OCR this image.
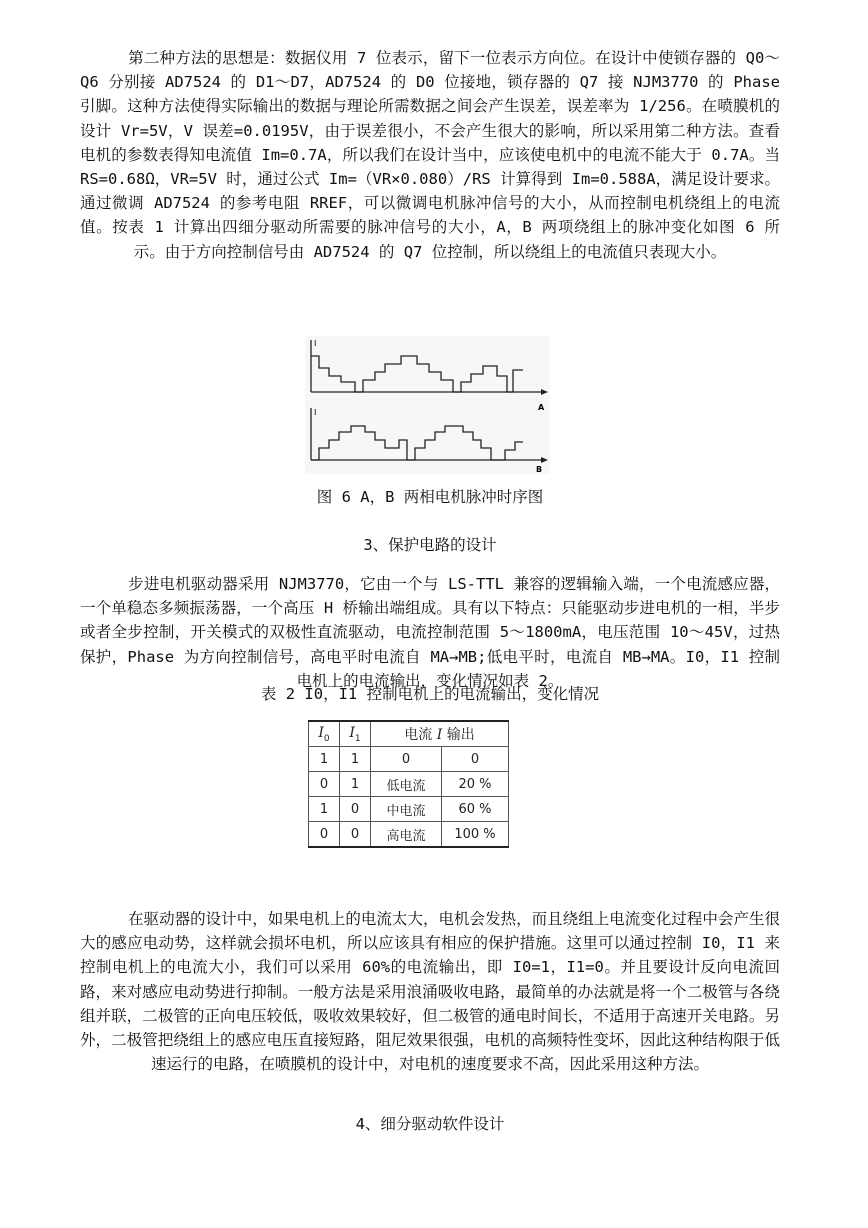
第二种方法的思想是：数据仪用 7 位表示，留下一位表示方向位。在设计中使锁存器的 Q0～Q6 分别接 AD7524 的 D1～D7，AD7524 的 D0 位接地，锁存器的 Q7 接 NJM3770 的 Phase 引脚。这种方法使得实际输出的数据与理论所需数据之间会产生误差，误差率为 1/256。在喷膜机的设计 Vr=5V，V 误差=0.0195V，由于误差很小，不会产生很大的影响，所以采用第二种方法。查看电机的参数表得知电流值 Im=0.7A，所以我们在设计当中，应该使电机中的电流不能大于 0.7A。当 RS=0.68Ω，VR=5V 时，通过公式 Im=（VR×0.080）/RS 计算得到 Im=0.588A，满足设计要求。通过微调 AD7524 的参考电阻 RREF，可以微调电机脉冲信号的大小，从而控制电机绕组上的电流值。按表 1 计算出四细分驱动所需要的脉冲信号的大小，A，B 两项绕组上的脉冲变化如图 6 所示。由于方向控制信号由 AD7524 的 Q7 位控制，所以绕组上的电流值只表现大小。

I
A
I
B

图 6 A，B 两相电机脉冲时序图

3、保护电路的设计

步进电机驱动器采用 NJM3770，它由一个与 LS-TTL 兼容的逻辑输入端，一个电流感应器，一个单稳态多频振荡器，一个高压 H 桥输出端组成。具有以下特点：只能驱动步进电机的一相，半步或者全步控制，开关模式的双极性直流驱动，电流控制范围 5～1800mA，电压范围 10～45V，过热保护，Phase 为方向控制信号，高电平时电流自 MA→MB;低电平时，电流自 MB→MA。I0，I1 控制电机上的电流输出，变化情况如表 2。

表 2 I0，I1 控制电机上的电流输出，变化情况

$I_0$	$I_1$	电流 I 输出	
1	1	0	0
0	1	低电流	20 %
1	0	中电流	60 %
0	0	高电流	100 %

在驱动器的设计中，如果电机上的电流太大，电机会发热，而且绕组上电流变化过程中会产生很大的感应电动势，这样就会损坏电机，所以应该具有相应的保护措施。这里可以通过控制 I0，I1 来控制电机上的电流大小，我们可以采用 60%的电流输出，即 I0=1，I1=0。并且要设计反向电流回路，来对感应电动势进行抑制。一般方法是采用浪涌吸收电路，最简单的办法就是将一个二极管与各绕组并联，二极管的正向电压较低，吸收效果较好，但二极管的通电时间长，不适用于高速开关电路。另外，二极管把绕组上的感应电压直接短路，阻尼效果很强，电机的高频特性变坏，因此这种结构限于低速运行的电路，在喷膜机的设计中，对电机的速度要求不高，因此采用这种方法。

4、细分驱动软件设计
